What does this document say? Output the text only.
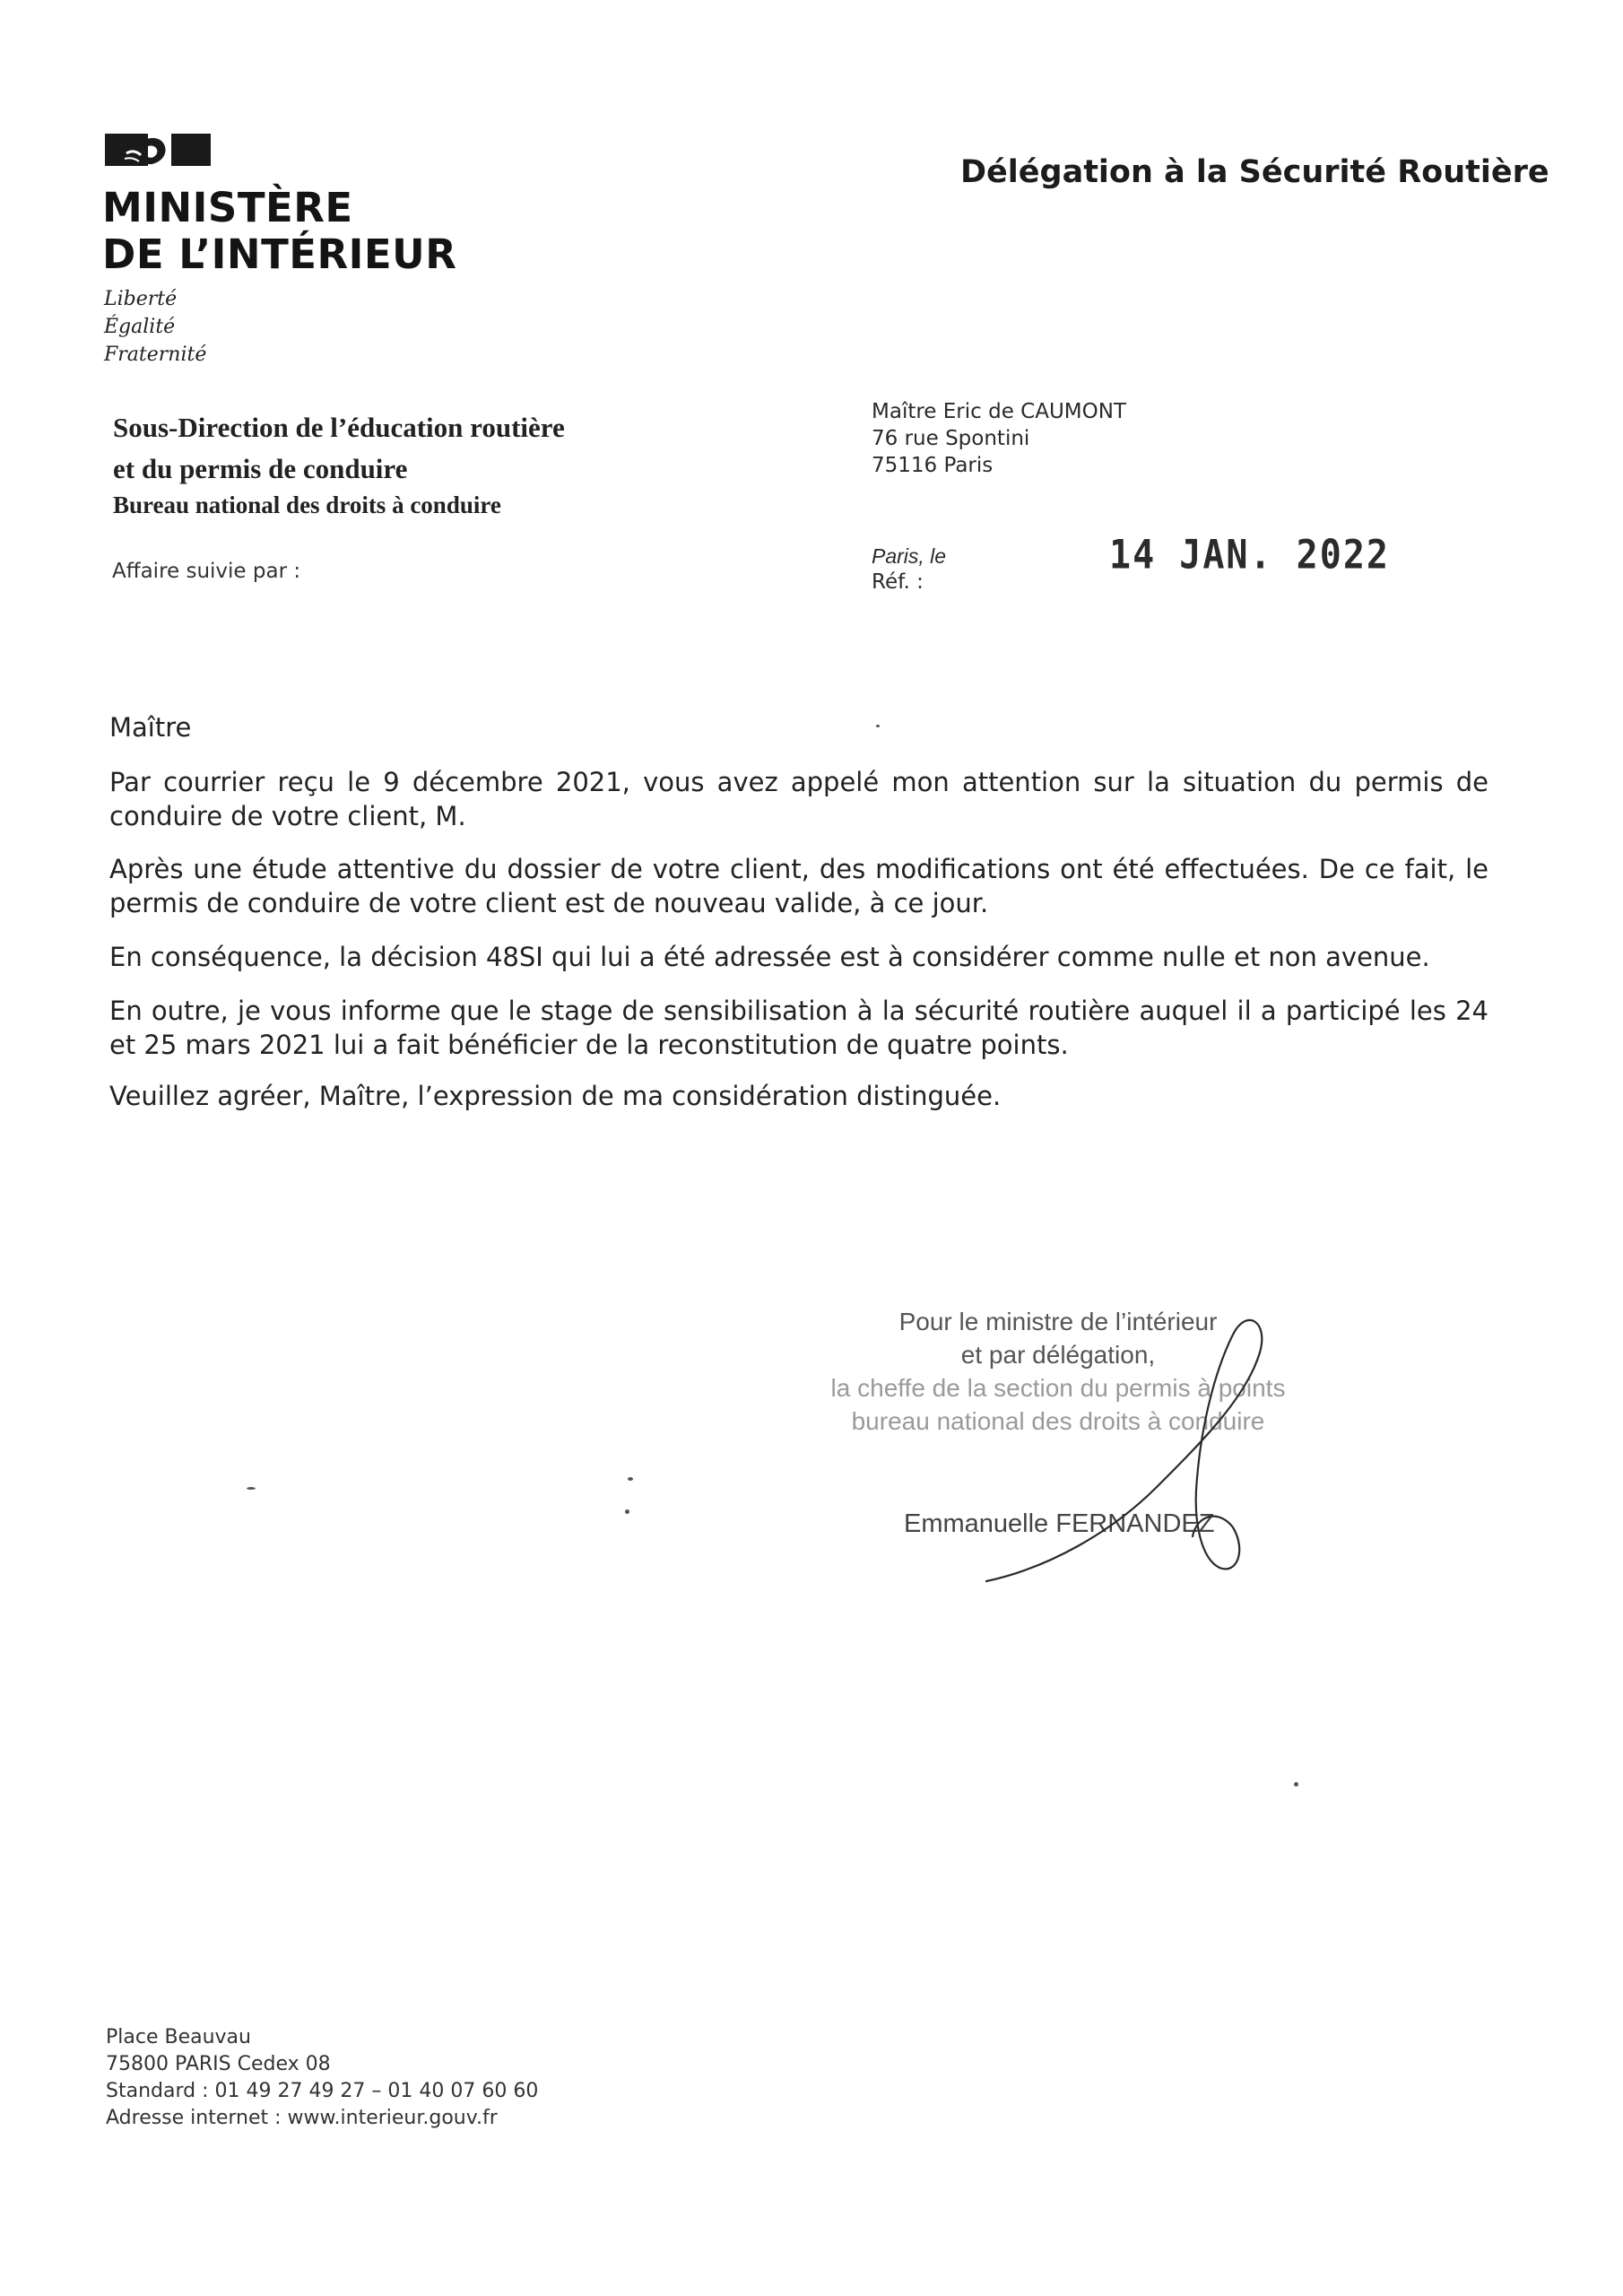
MINISTÈRE
DE L’INTÉRIEUR
Liberté
Égalité
Fraternité
Délégation à la Sécurité Routière
Sous-Direction de l’éducation routière
et du permis de conduire
Bureau national des droits à conduire
Affaire suivie par :
Maître Eric de CAUMONT
76 rue Spontini
75116 Paris
Paris, le
Réf. :
14 JAN. 2022
Maître
Par courrier reçu le 9 décembre 2021, vous avez appelé mon attention sur la situation du permis de conduire de votre client, M.
Après une étude attentive du dossier de votre client, des modifications ont été effectuées. De ce fait, le permis de conduire de votre client est de nouveau valide, à ce jour.
En conséquence, la décision 48SI qui lui a été adressée est à considérer comme nulle et non avenue.
En outre, je vous informe que le stage de sensibilisation à la sécurité routière auquel il a participé les 24 et 25 mars 2021 lui a fait bénéficier de la reconstitution de quatre points.
Veuillez agréer, Maître, l’expression de ma considération distinguée.
Pour le ministre de l’intérieur
et par délégation,
la cheffe de la section du permis à points
bureau national des droits à conduire
Emmanuelle FERNANDEZ
Place Beauvau
75800 PARIS Cedex 08
Standard : 01 49 27 49 27 – 01 40 07 60 60
Adresse internet : www.interieur.gouv.fr
